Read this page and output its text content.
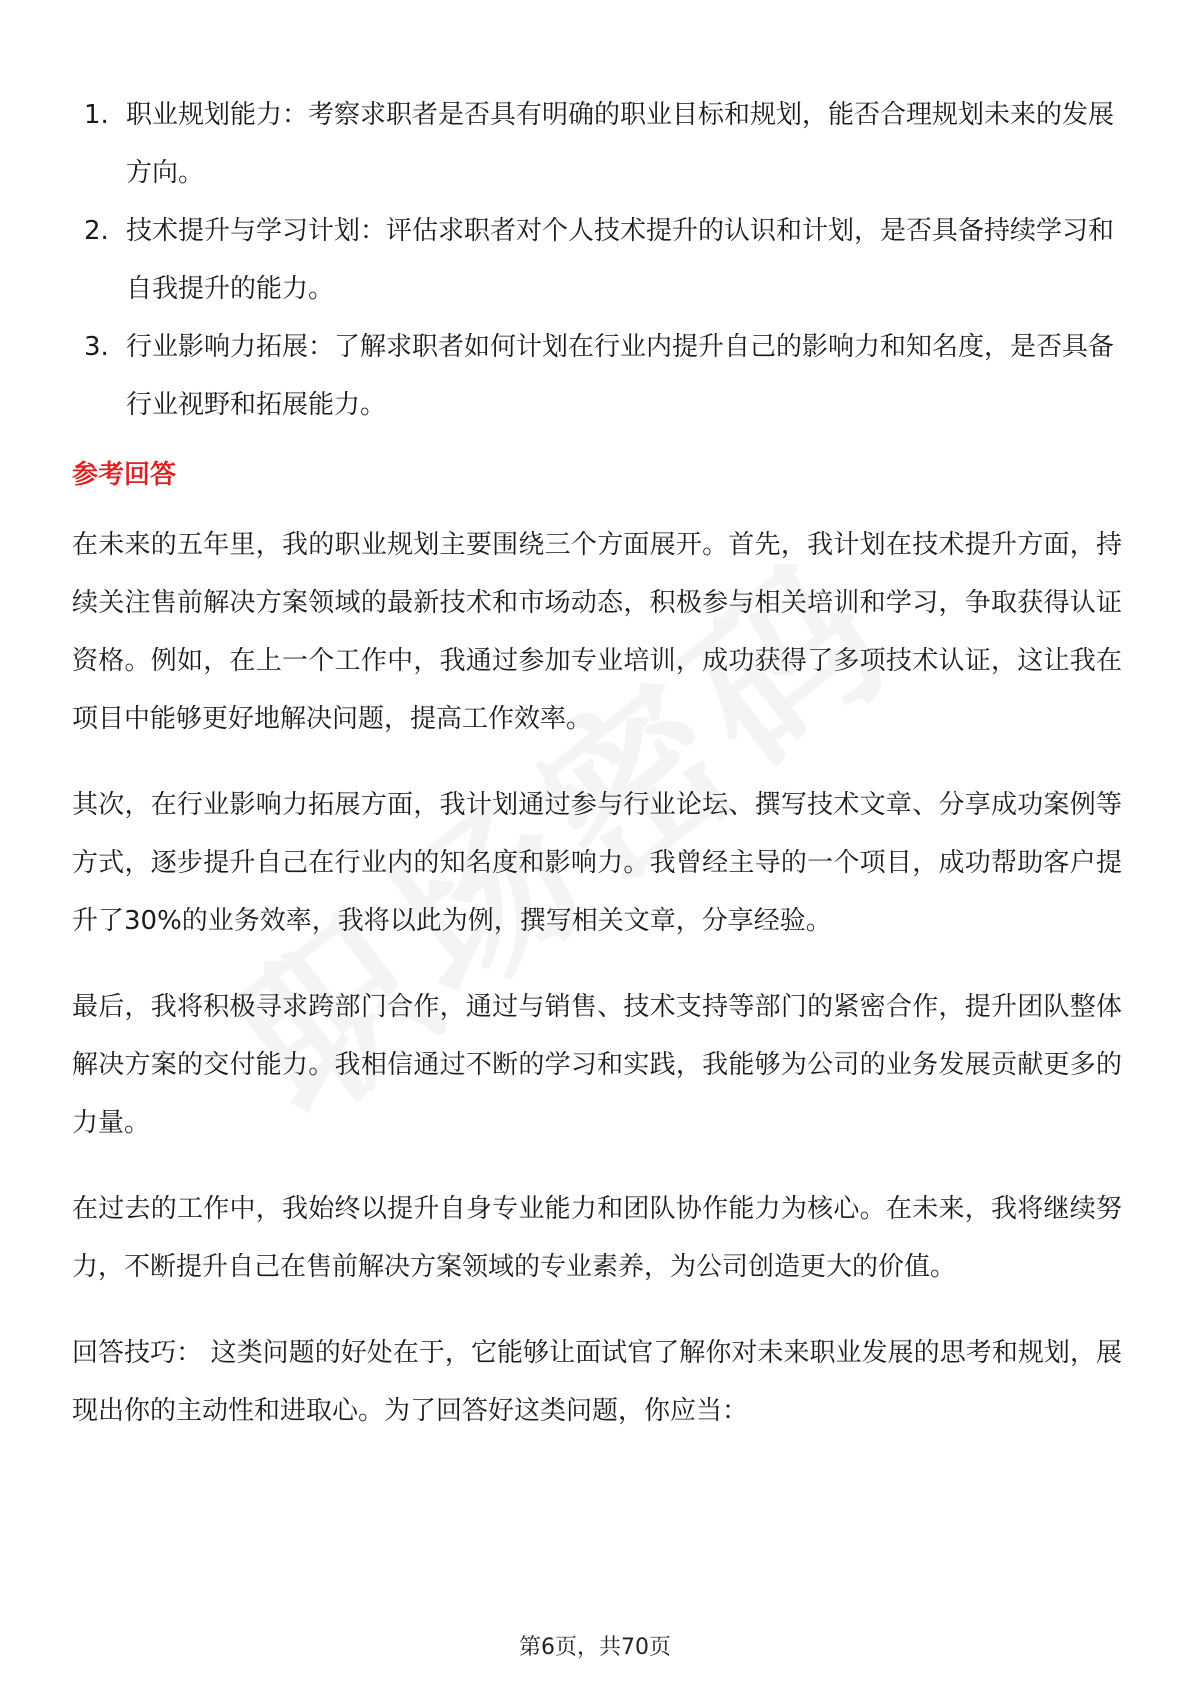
1. 职业规划能力：考察求职者是否具有明确的职业目标和规划，能否合理规划未来的发展方向。
2. 技术提升与学习计划：评估求职者对个人技术提升的认识和计划，是否具备持续学习和自我提升的能力。
3. 行业影响力拓展：了解求职者如何计划在行业内提升自己的影响力和知名度，是否具备行业视野和拓展能力。
参考回答

在未来的五年里，我的职业规划主要围绕三个方面展开。首先，我计划在技术提升方面，持续关注售前解决方案领域的最新技术和市场动态，积极参与相关培训和学习，争取获得认证资格。例如，在上一个工作中，我通过参加专业培训，成功获得了多项技术认证，这让我在项目中能够更好地解决问题，提高工作效率。

其次，在行业影响力拓展方面，我计划通过参与行业论坛、撰写技术文章、分享成功案例等方式，逐步提升自己在行业内的知名度和影响力。我曾经主导的一个项目，成功帮助客户提升了30%的业务效率，我将以此为例，撰写相关文章，分享经验。

最后，我将积极寻求跨部门合作，通过与销售、技术支持等部门的紧密合作，提升团队整体解决方案的交付能力。我相信通过不断的学习和实践，我能够为公司的业务发展贡献更多的力量。

在过去的工作中，我始终以提升自身专业能力和团队协作能力为核心。在未来，我将继续努力，不断提升自己在售前解决方案领域的专业素养，为公司创造更大的价值。

回答技巧： 这类问题的好处在于，它能够让面试官了解你对未来职业发展的思考和规划，展现出你的主动性和进取心。为了回答好这类问题，你应当：

第6页，共70页
